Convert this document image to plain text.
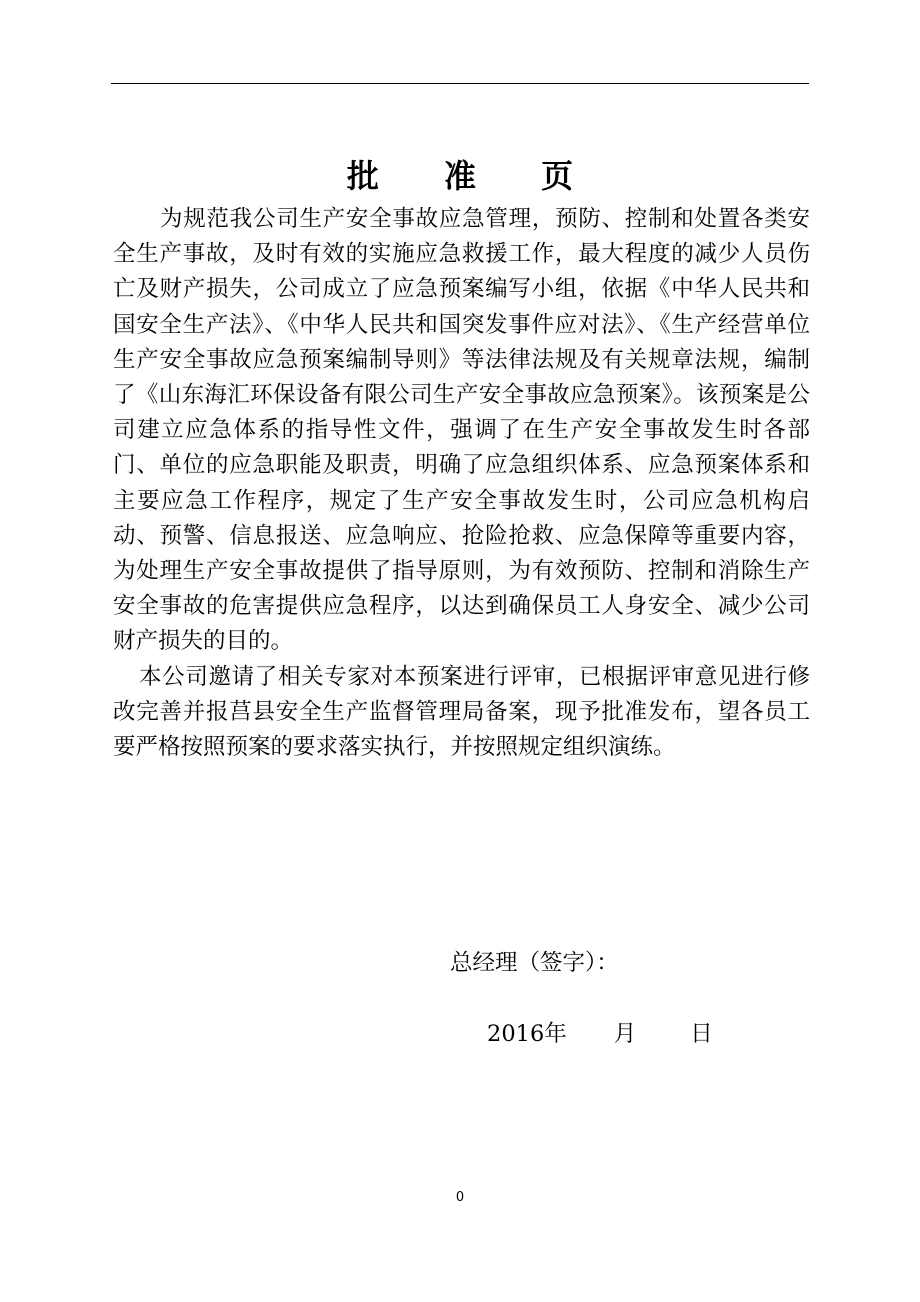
批 准 页

为规范我公司生产安全事故应急管理，预防、控制和处置各类安全生产事故，及时有效的实施应急救援工作，最大程度的减少人员伤亡及财产损失，公司成立了应急预案编写小组，依据《中华人民共和国安全生产法》、《中华人民共和国突发事件应对法》、《生产经营单位生产安全事故应急预案编制导则》等法律法规及有关规章法规，编制了《山东海汇环保设备有限公司生产安全事故应急预案》。该预案是公司建立应急体系的指导性文件，强调了在生产安全事故发生时各部门、单位的应急职能及职责，明确了应急组织体系、应急预案体系和主要应急工作程序，规定了生产安全事故发生时，公司应急机构启动、预警、信息报送、应急响应、抢险抢救、应急保障等重要内容，为处理生产安全事故提供了指导原则，为有效预防、控制和消除生产安全事故的危害提供应急程序，以达到确保员工人身安全、减少公司财产损失的目的。

本公司邀请了相关专家对本预案进行评审，已根据评审意见进行修改完善并报莒县安全生产监督管理局备案，现予批准发布，望各员工要严格按照预案的要求落实执行，并按照规定组织演练。

总经理（签字）：
2016年 月 日
0
